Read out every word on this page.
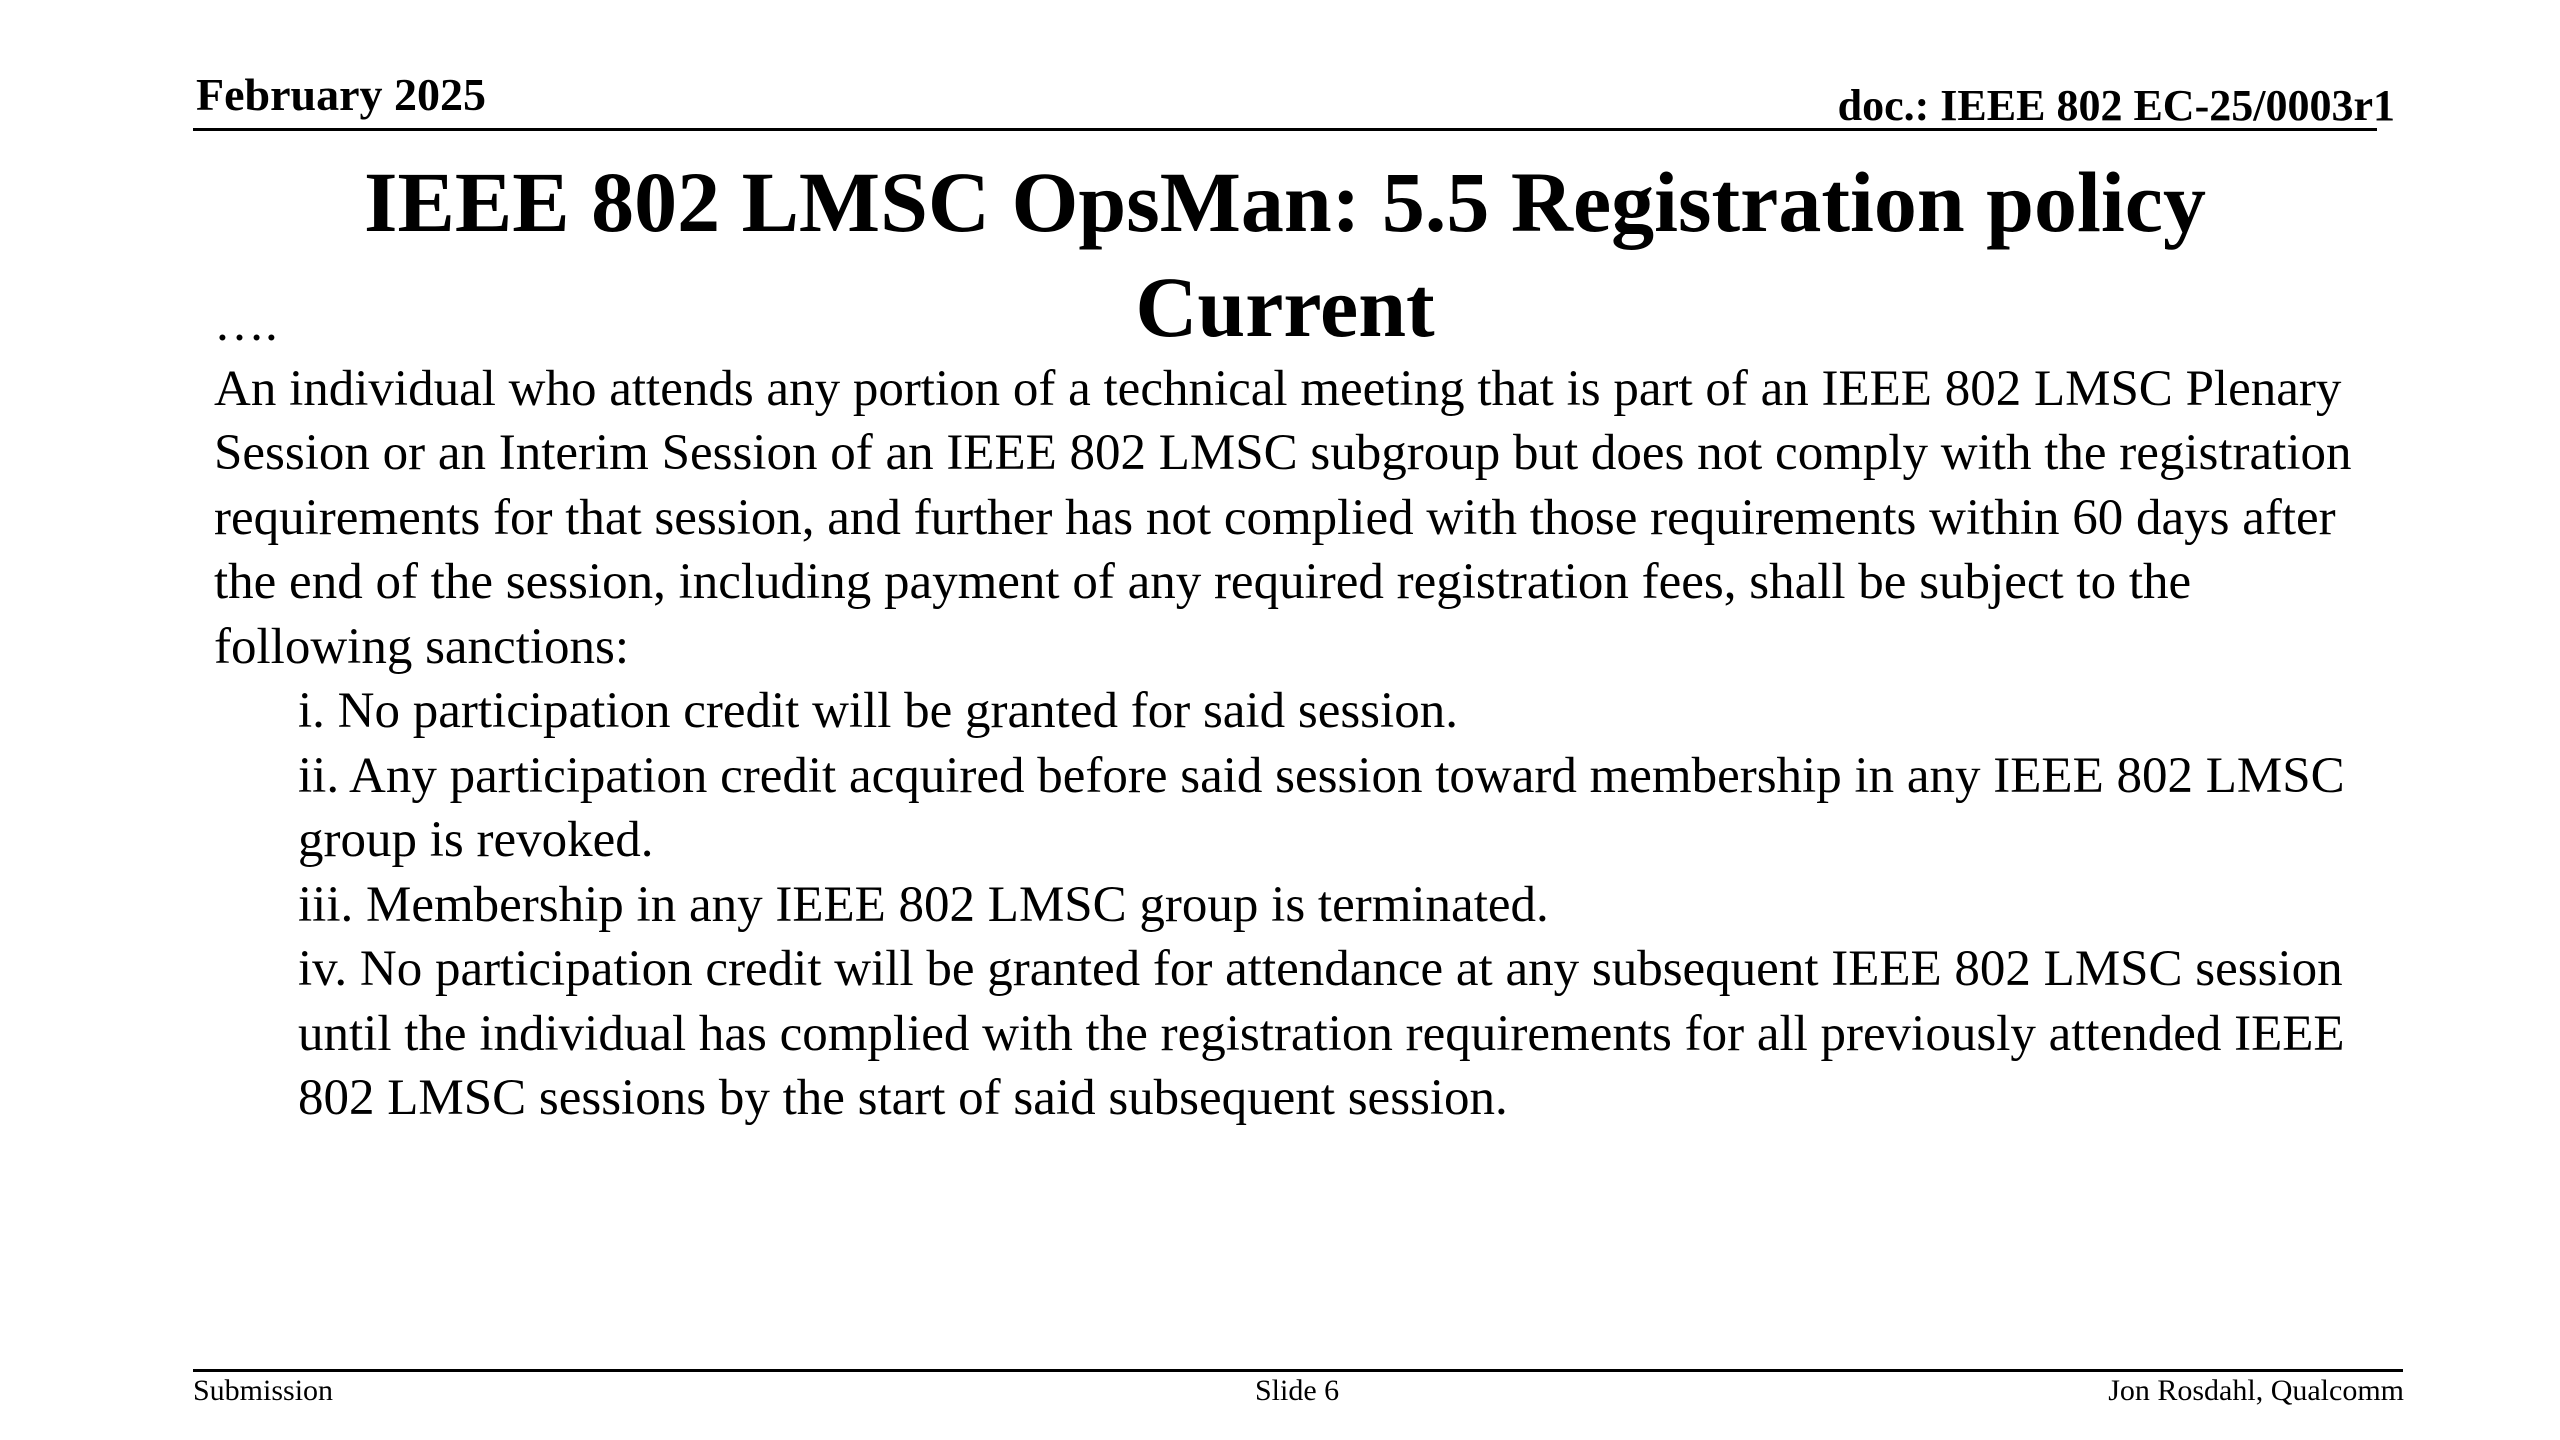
February 2025	doc.: IEEE 802 EC-25/0003r1
IEEE 802 LMSC OpsMan: 5.5 Registration policy
Current

….

An individual who attends any portion of a technical meeting that is part of an IEEE 802 LMSC Plenary Session or an Interim Session of an IEEE 802 LMSC subgroup but does not comply with the registration requirements for that session, and further has not complied with those requirements within 60 days after the end of the session, including payment of any required registration fees, shall be subject to the following sanctions:

i. No participation credit will be granted for said session.

ii. Any participation credit acquired before said session toward membership in any IEEE 802 LMSC group is revoked.

iii. Membership in any IEEE 802 LMSC group is terminated.

iv. No participation credit will be granted for attendance at any subsequent IEEE 802 LMSC session until the individual has complied with the registration requirements for all previously attended IEEE 802 LMSC sessions by the start of said subsequent session.

Submission	Slide 6	Jon Rosdahl, Qualcomm
